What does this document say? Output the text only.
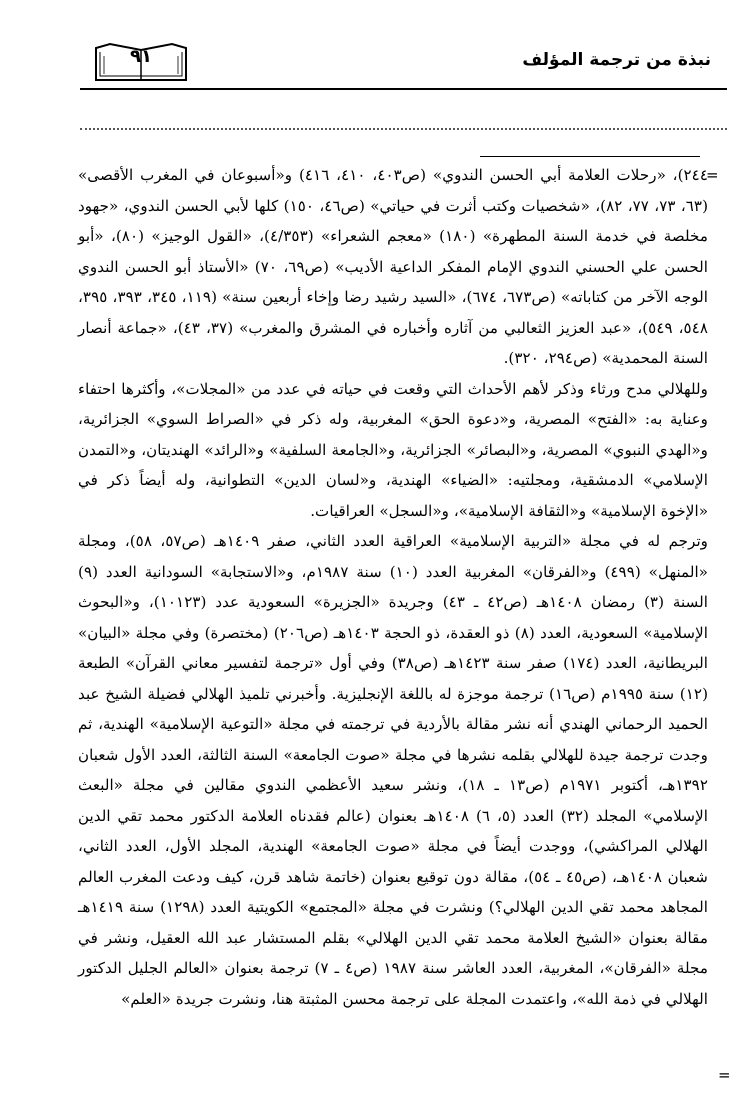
نبذة من ترجمة المؤلف
٩١
=

٢٤٤)، «رحلات العلامة أبي الحسن الندوي» (ص٤٠٣، ٤١٠، ٤١٦) و«أسبوعان في المغرب الأقصى» (٦٣، ٧٣، ٧٧، ٨٢)، «شخصيات وكتب أثرت في حياتي» (ص٤٦، ١٥٠) كلها لأبي الحسن الندوي، «جهود مخلصة في خدمة السنة المطهرة» (١٨٠) «معجم الشعراء» (٤/٣٥٣)، «القول الوجيز» (٨٠)، «أبو الحسن علي الحسني الندوي الإمام المفكر الداعية الأديب» (ص٦٩، ٧٠) «الأستاذ أبو الحسن الندوي الوجه الآخر من كتاباته» (ص٦٧٣، ٦٧٤)، «السيد رشيد رضا وإخاء أربعين سنة» (١١٩، ٣٤٥، ٣٩٣، ٣٩٥، ٥٤٨، ٥٤٩)، «عبد العزيز الثعالبي من آثاره وأخباره في المشرق والمغرب» (٣٧، ٤٣)، «جماعة أنصار السنة المحمدية» (ص٢٩٤، ٣٢٠).

وللهلالي مدح ورثاء وذكر لأهم الأحداث التي وقعت في حياته في عدد من «المجلات»، وأكثرها احتفاء وعناية به: «الفتح» المصرية، و«دعوة الحق» المغربية، وله ذكر في «الصراط السوي» الجزائرية، و«الهدي النبوي» المصرية، و«البصائر» الجزائرية، و«الجامعة السلفية» و«الرائد» الهنديتان، و«التمدن الإسلامي» الدمشقية، ومجلتيه: «الضياء» الهندية، و«لسان الدين» التطوانية، وله أيضاً ذكر في «الإخوة الإسلامية» و«الثقافة الإسلامية»، و«السجل» العراقيات.

وترجم له في مجلة «التربية الإسلامية» العراقية العدد الثاني، صفر ١٤٠٩هـ (ص٥٧، ٥٨)، ومجلة «المنهل» (٤٩٩) و«الفرقان» المغربية العدد (١٠) سنة ١٩٨٧م، و«الاستجابة» السودانية العدد (٩) السنة (٣) رمضان ١٤٠٨هـ (ص٤٢ ـ ٤٣) وجريدة «الجزيرة» السعودية عدد (١٠١٢٣)، و«البحوث الإسلامية» السعودية، العدد (٨) ذو العقدة، ذو الحجة ١٤٠٣هـ (ص٢٠٦) (مختصرة) وفي مجلة «البيان» البريطانية، العدد (١٧٤) صفر سنة ١٤٢٣هـ (ص٣٨) وفي أول «ترجمة لتفسير معاني القرآن» الطبعة (١٢) سنة ١٩٩٥م (ص١٦) ترجمة موجزة له باللغة الإنجليزية. وأخبرني تلميذ الهلالي فضيلة الشيخ عبد الحميد الرحماني الهندي أنه نشر مقالة بالأردية في ترجمته في مجلة «التوعية الإسلامية» الهندية، ثم وجدت ترجمة جيدة للهلالي بقلمه نشرها في مجلة «صوت الجامعة» السنة الثالثة، العدد الأول شعبان ١٣٩٢هـ، أكتوبر ١٩٧١م (ص١٣ ـ ١٨)، ونشر سعيد الأعظمي الندوي مقالين في مجلة «البعث الإسلامي» المجلد (٣٢) العدد (٥، ٦) ١٤٠٨هـ بعنوان (عالم فقدناه العلامة الدكتور محمد تقي الدين الهلالي المراكشي)، ووجدت أيضاً في مجلة «صوت الجامعة» الهندية، المجلد الأول، العدد الثاني، شعبان ١٤٠٨هـ، (ص٤٥ ـ ٥٤)، مقالة دون توقيع بعنوان (خاتمة شاهد قرن، كيف ودعت المغرب العالم المجاهد محمد تقي الدين الهلالي؟) ونشرت في مجلة «المجتمع» الكويتية العدد (١٢٩٨) سنة ١٤١٩هـ مقالة بعنوان «الشيخ العلامة محمد تقي الدين الهلالي» بقلم المستشار عبد الله العقيل، ونشر في مجلة «الفرقان»، المغربية، العدد العاشر سنة ١٩٨٧ (ص٤ ـ ٧) ترجمة بعنوان «العالم الجليل الدكتور الهلالي في ذمة الله»، واعتمدت المجلة على ترجمة محسن المثبتة هنا، ونشرت جريدة «العلم»

=
